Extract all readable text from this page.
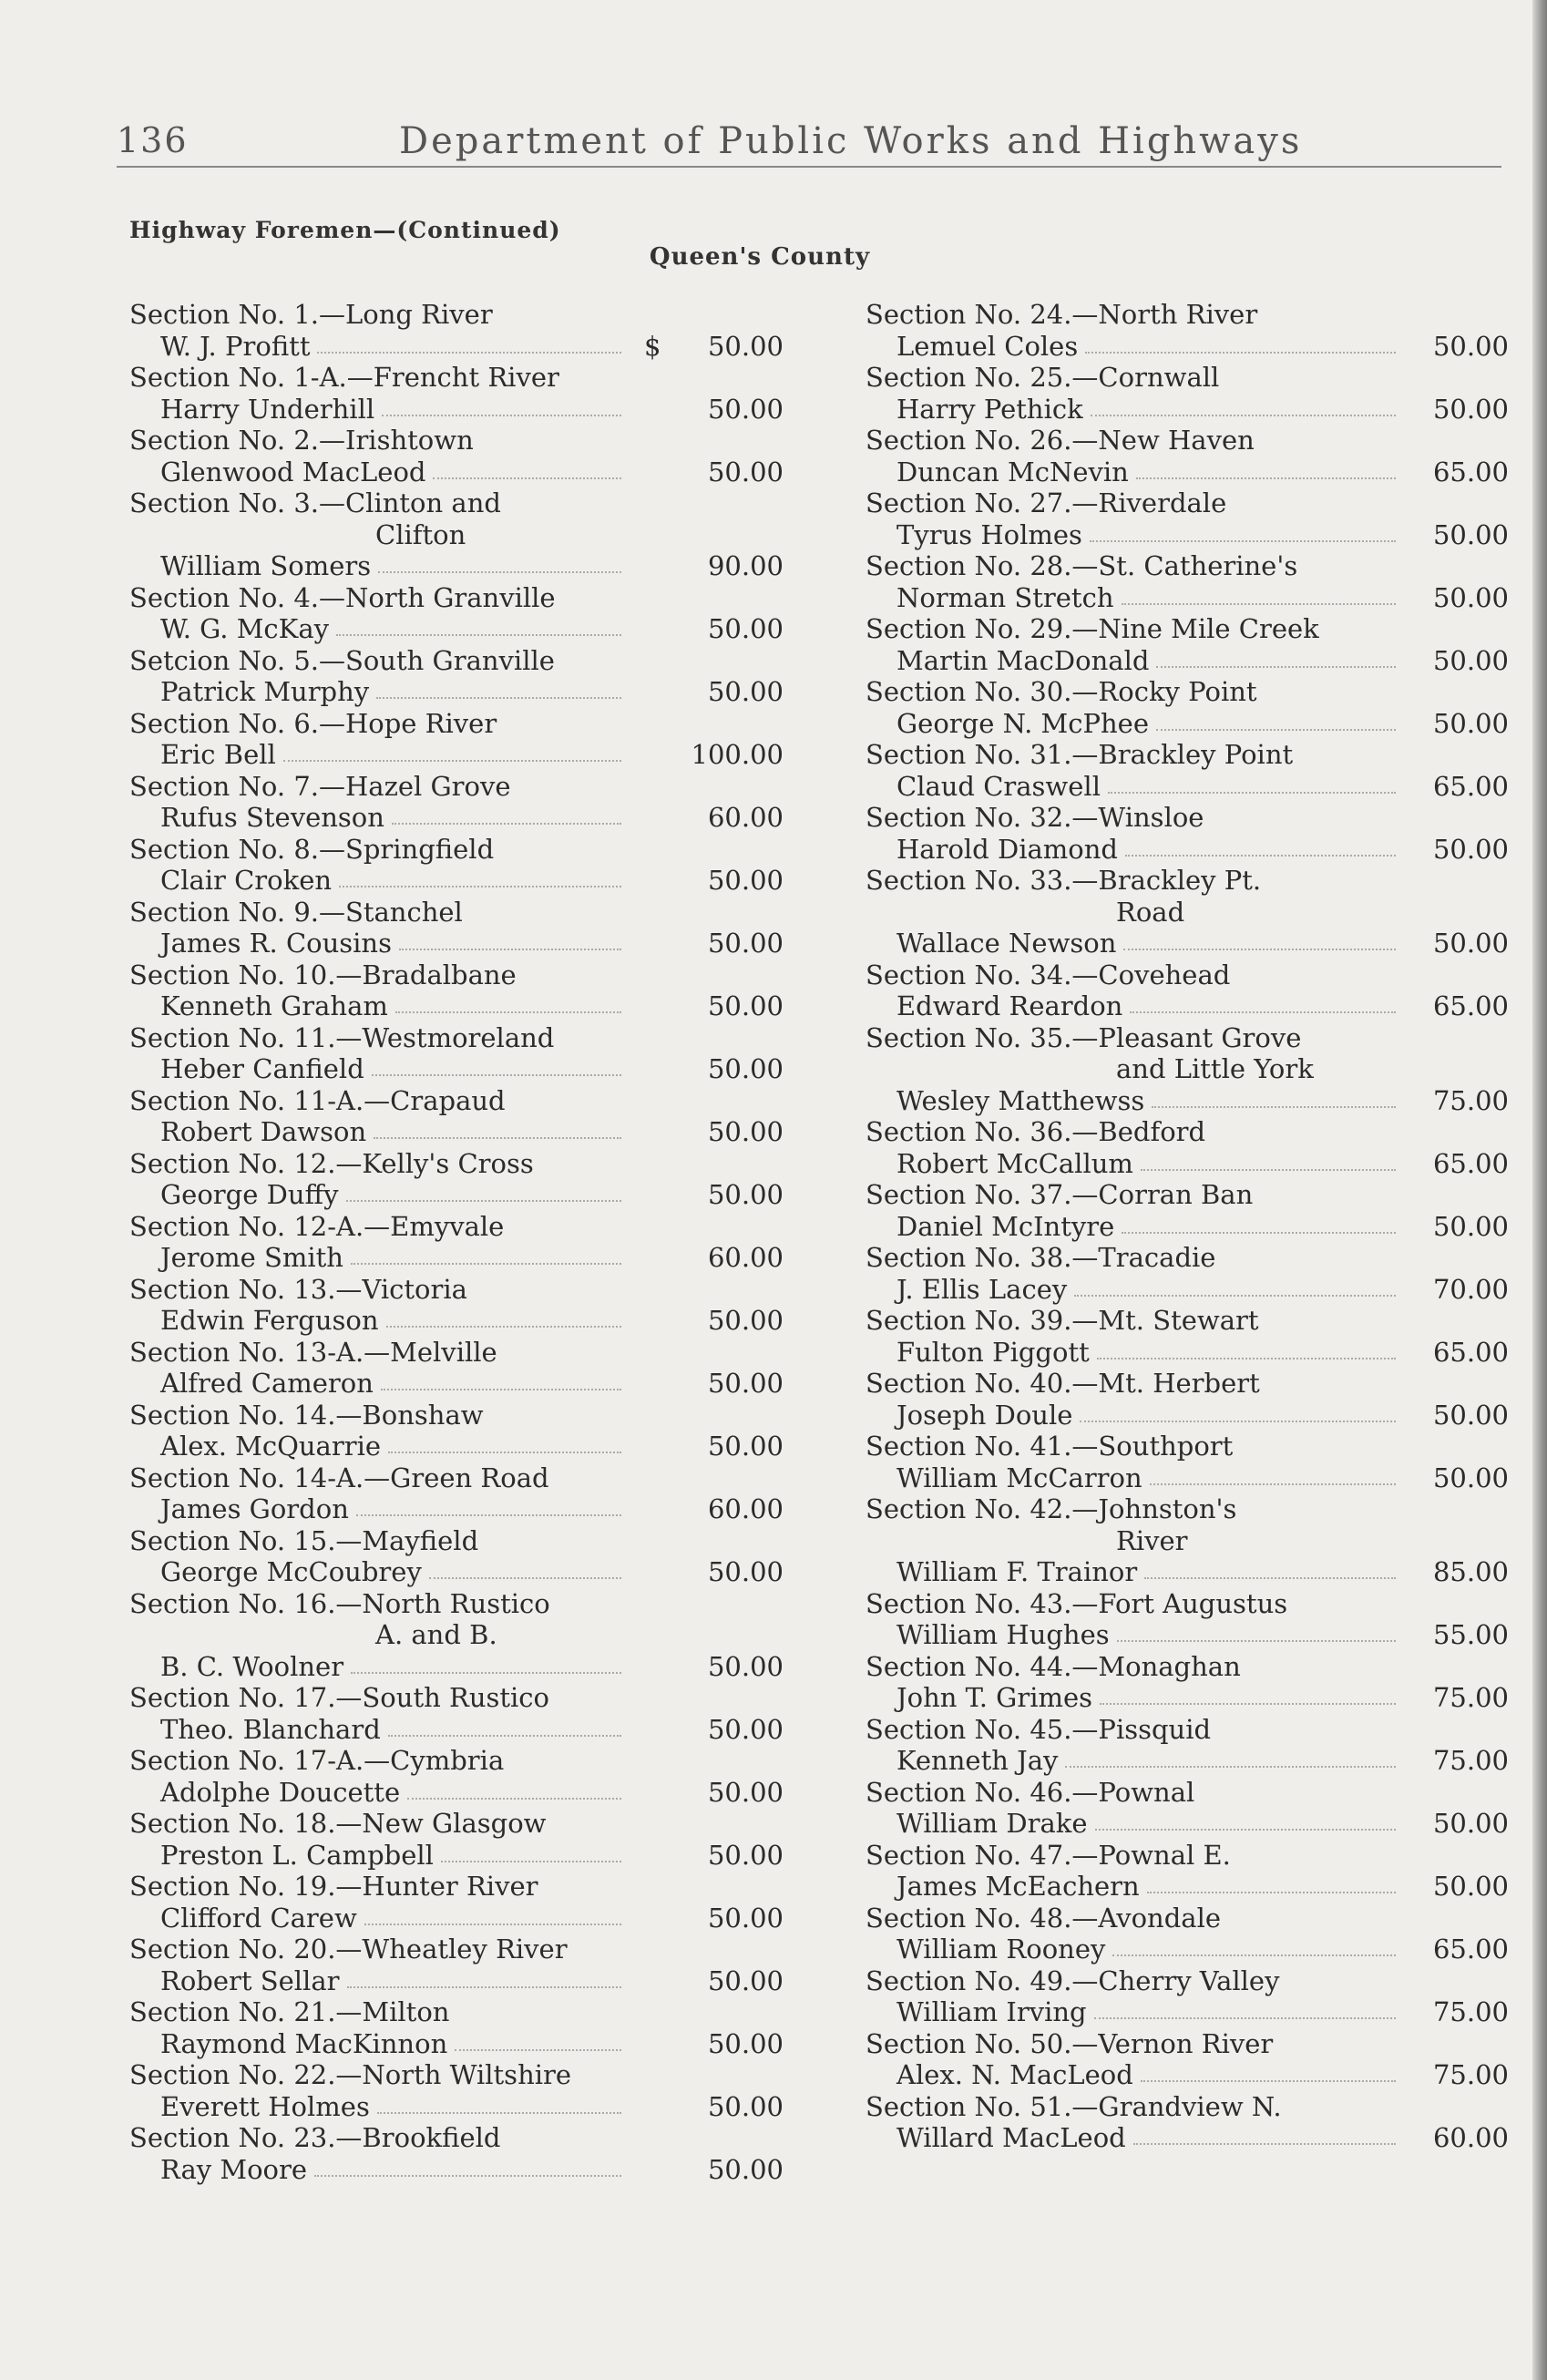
136	Department of Public Works and Highways
Highway Foremen—(Continued)
Queen's County
Section No. 1.—Long River
W. J. Profitt	$	50.00
Section No. 1-A.—Frencht River
Harry Underhill	50.00
Section No. 2.—Irishtown
Glenwood MacLeod	50.00
Section No. 3.—Clinton and
Clifton
William Somers	90.00
Section No. 4.—North Granville
W. G. McKay	50.00
Setcion No. 5.—South Granville
Patrick Murphy	50.00
Section No. 6.—Hope River
Eric Bell	100.00
Section No. 7.—Hazel Grove
Rufus Stevenson	60.00
Section No. 8.—Springfield
Clair Croken	50.00
Section No. 9.—Stanchel
James R. Cousins	50.00
Section No. 10.—Bradalbane
Kenneth Graham	50.00
Section No. 11.—Westmoreland
Heber Canfield	50.00
Section No. 11-A.—Crapaud
Robert Dawson	50.00
Section No. 12.—Kelly's Cross
George Duffy	50.00
Section No. 12-A.—Emyvale
Jerome Smith	60.00
Section No. 13.—Victoria
Edwin Ferguson	50.00
Section No. 13-A.—Melville
Alfred Cameron	50.00
Section No. 14.—Bonshaw
Alex. McQuarrie	50.00
Section No. 14-A.—Green Road
James Gordon	60.00
Section No. 15.—Mayfield
George McCoubrey	50.00
Section No. 16.—North Rustico
A. and B.
B. C. Woolner	50.00
Section No. 17.—South Rustico
Theo. Blanchard	50.00
Section No. 17-A.—Cymbria
Adolphe Doucette	50.00
Section No. 18.—New Glasgow
Preston L. Campbell	50.00
Section No. 19.—Hunter River
Clifford Carew	50.00
Section No. 20.—Wheatley River
Robert Sellar	50.00
Section No. 21.—Milton
Raymond MacKinnon	50.00
Section No. 22.—North Wiltshire
Everett Holmes	50.00
Section No. 23.—Brookfield
Ray Moore	50.00
Section No. 24.—North River
Lemuel Coles	50.00
Section No. 25.—Cornwall
Harry Pethick	50.00
Section No. 26.—New Haven
Duncan McNevin	65.00
Section No. 27.—Riverdale
Tyrus Holmes	50.00
Section No. 28.—St. Catherine's
Norman Stretch	50.00
Section No. 29.—Nine Mile Creek
Martin MacDonald	50.00
Section No. 30.—Rocky Point
George N. McPhee	50.00
Section No. 31.—Brackley Point
Claud Craswell	65.00
Section No. 32.—Winsloe
Harold Diamond	50.00
Section No. 33.—Brackley Pt.
Road
Wallace Newson	50.00
Section No. 34.—Covehead
Edward Reardon	65.00
Section No. 35.—Pleasant Grove
and Little York
Wesley Matthewss	75.00
Section No. 36.—Bedford
Robert McCallum	65.00
Section No. 37.—Corran Ban
Daniel McIntyre	50.00
Section No. 38.—Tracadie
J. Ellis Lacey	70.00
Section No. 39.—Mt. Stewart
Fulton Piggott	65.00
Section No. 40.—Mt. Herbert
Joseph Doule	50.00
Section No. 41.—Southport
William McCarron	50.00
Section No. 42.—Johnston's
River
William F. Trainor	85.00
Section No. 43.—Fort Augustus
William Hughes	55.00
Section No. 44.—Monaghan
John T. Grimes	75.00
Section No. 45.—Pissquid
Kenneth Jay	75.00
Section No. 46.—Pownal
William Drake	50.00
Section No. 47.—Pownal E.
James McEachern	50.00
Section No. 48.—Avondale
William Rooney	65.00
Section No. 49.—Cherry Valley
William Irving	75.00
Section No. 50.—Vernon River
Alex. N. MacLeod	75.00
Section No. 51.—Grandview N.
Willard MacLeod	60.00
